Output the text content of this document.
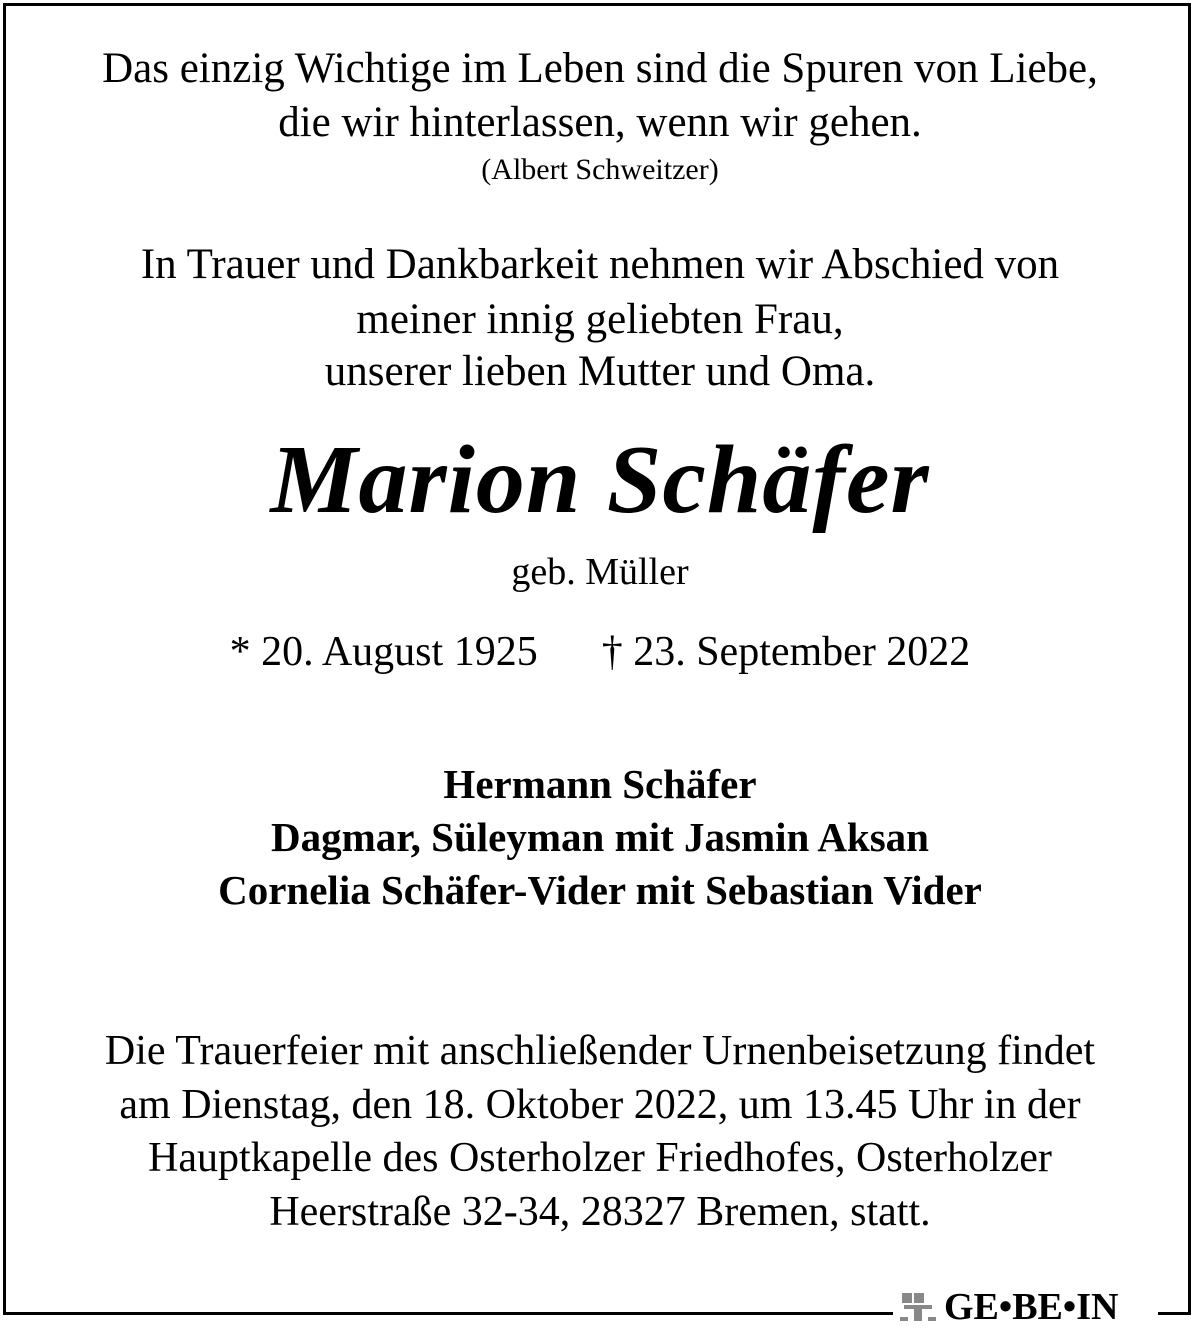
Das einzig Wichtige im Leben sind die Spuren von Liebe,
die wir hinterlassen, wenn wir gehen.
(Albert Schweitzer)
In Trauer und Dankbarkeit nehmen wir Abschied von
meiner innig geliebten Frau,
unserer lieben Mutter und Oma.
Marion Schäfer
geb. Müller
* 20. August 1925 † 23. September 2022
Hermann Schäfer
Dagmar, Süleyman mit Jasmin Aksan
Cornelia Schäfer-Vider mit Sebastian Vider
Die Trauerfeier mit anschließender Urnenbeisetzung findet
am Dienstag, den 18. Oktober 2022, um 13.45 Uhr in der
Hauptkapelle des Osterholzer Friedhofes, Osterholzer
Heerstraße 32-34, 28327 Bremen, statt.
GE•BE•IN
